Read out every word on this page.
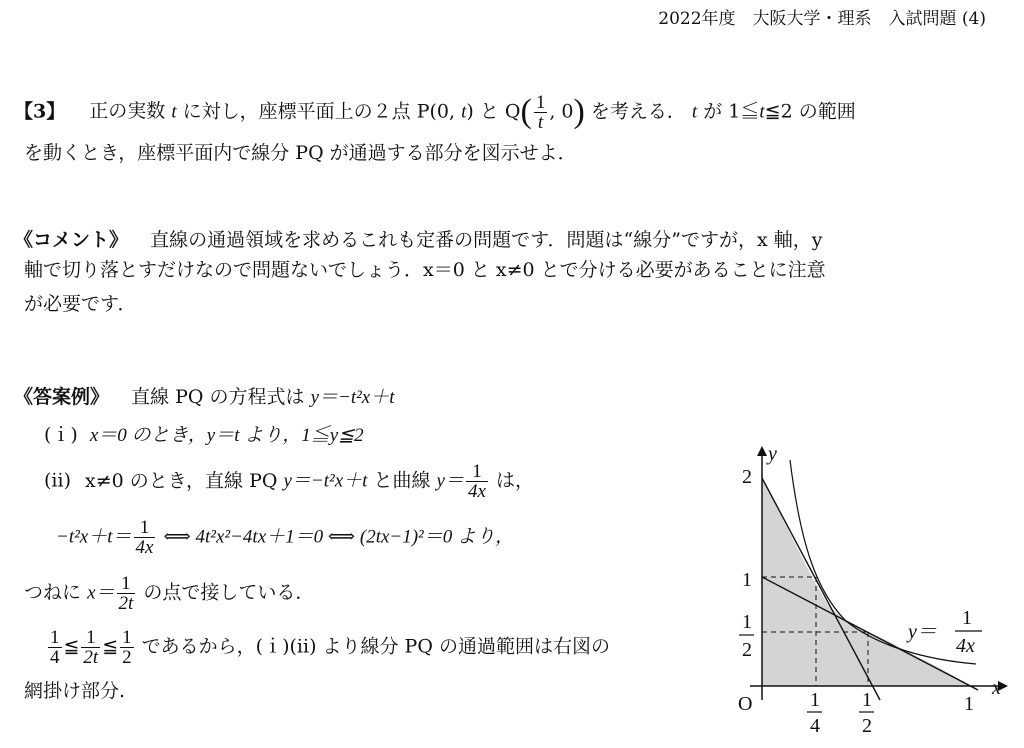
2022年度　大阪大学・理系　入試問題 (4)
【3】 正の実数 t に対し，座標平面上の２点 P(0, t) と $Q( \frac{1}{t}$ , 0) を考える． t が 1≦t≦2 の範囲
を動くとき，座標平面内で線分 PQ が通過する部分を図示せよ．
《コメント》 直線の通過領域を求めるこれも定番の問題です．問題は“線分”ですが，x 軸，y
軸で切り落とすだけなので問題ないでしょう．x＝0 と x≠0 とで分ける必要があることに注意
が必要です．
《答案例》 直線 PQ の方程式は y＝−t²x＋t
(ｉ) x＝0 のとき，y＝t より，1≦y≦2
(ⅱ) x≠0 のとき，直線 PQ y＝−t²x＋t と曲線 $y= \frac{1}{4x}$ は，
$-t^2x+t= \frac{1}{4x}$ ⟺ 4t²x²−4tx＋1＝0 ⟺ (2tx−1)²＝0 より，
つねに $x= \frac{1}{2t}$ の点で接している．
$\frac{1}{4}$ ≦ $\frac{1}{2t}$ ≦ $\frac{1}{2}$ であるから，(ｉ)(ⅱ) より線分 PQ の通過範囲は右図の
網掛け部分.
y
x
O
2
1
1
2
1
4
1
2
1
y＝
1
4x
